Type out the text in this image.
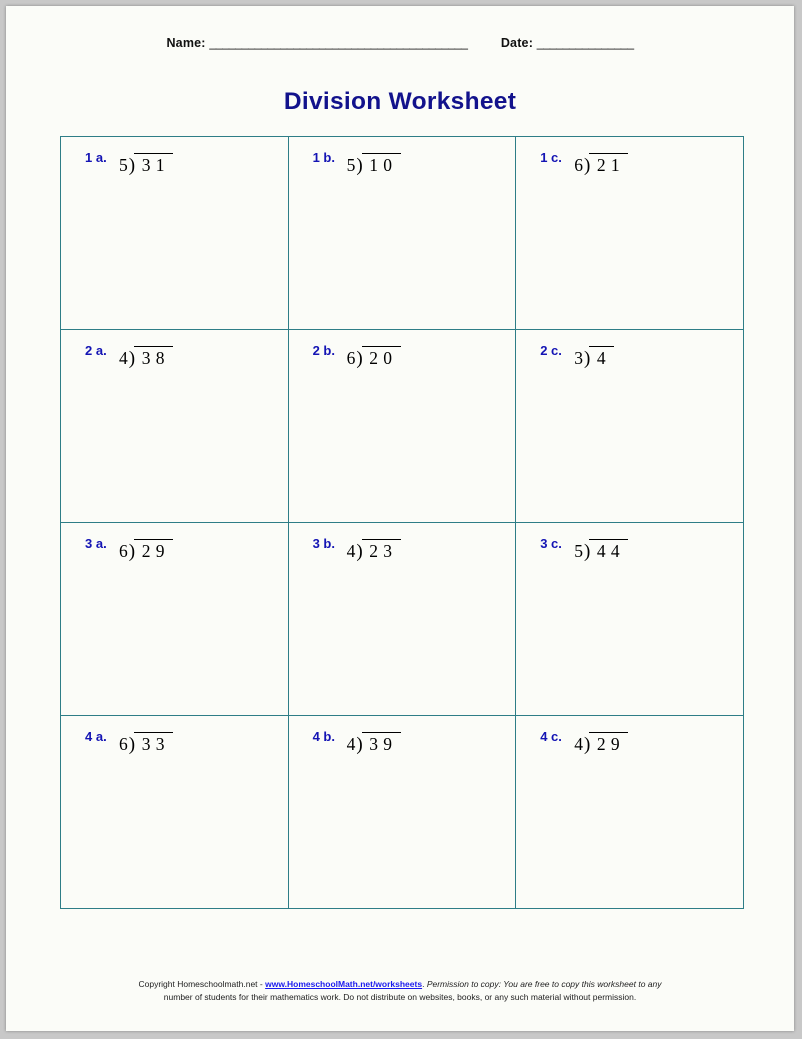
Name: ________________________________________	Date: _______________
Division Worksheet
1 a. 5) 3 1	1 b. 5) 1 0	1 c. 6) 2 1

2 a. 4) 3 8	2 b. 6) 2 0	2 c. 3) 4

3 a. 6) 2 9	3 b. 4) 2 3	3 c. 5) 4 4

4 a. 6) 3 3	4 b. 4) 3 9	4 c. 4) 2 9
Copyright Homeschoolmath.net - www.HomeschoolMath.net/worksheets. Permission to copy: You are free to copy this worksheet to any
number of students for their mathematics work. Do not distribute on websites, books, or any such material without permission.
